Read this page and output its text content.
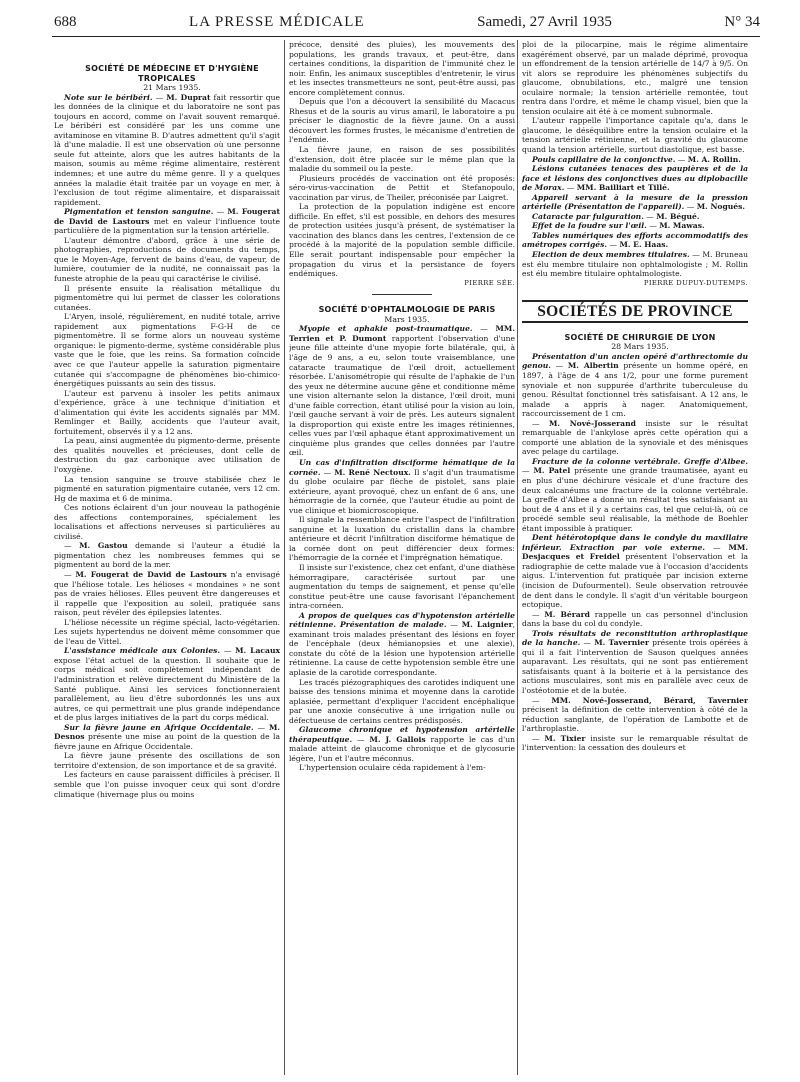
688	LA PRESSE MÉDICALE	Samedi, 27 Avril 1935	N° 34

SOCIÉTÉ DE MÉDECINE ET D'HYGIÈNE TROPICALES

21 Mars 1935.

Note sur le béribéri. — M. Duprat fait ressortir que les données de la clinique et du laboratoire ne sont pas toujours en accord, comme on l'avait souvent remarqué. Le béribéri est considéré par les uns comme une avitaminose en vitamine B. D'autres admettent qu'il s'agit là d'une maladie. Il est une observation où une personne seule fut atteinte, alors que les autres habitants de la maison, soumis au même régime alimentaire, restèrent indemnes; et une autre du même genre. Il y a quelques années la maladie était traitée par un voyage en mer, à l'exclusion de tout régime alimentaire, et disparaissait rapidement.

Pigmentation et tension sanguine. — M. Fougerat de David de Lastours met en valeur l'influence toute particulière de la pigmentation sur la tension artérielle.

L'auteur démontre d'abord, grâce à une série de photographies, reproductions de documents du temps, que le Moyen-Age, fervent de bains d'eau, de vapeur, de lumière, coutumier de la nudité, ne connaissait pas la funeste atrophie de la peau qui caractérise le civilisé.

Il présente ensuite la réalisation métallique du pigmentomètre qui lui permet de classer les colorations cutanées.

L'Aryen, insolé, régulièrement, en nudité totale, arrive rapidement aux pigmentations F-G-H de ce pigmentomètre. Il se forme alors un nouveau système organique: le pigmento-derme, système considérable plus vaste que le foie, que les reins. Sa formation coïncide avec ce que l'auteur appelle la saturation pigmentaire cutanée qui s'accompagne de phénomènes bio-chimico-énergétiques puissants au sein des tissus.

L'auteur est parvenu à insoler les petits animaux d'expérience, grâce à une technique d'initiation et d'alimentation qui évite les accidents signalés par MM. Remlinger et Bailly, accidents que l'auteur avait, fortuitement, observés il y a 12 ans.

La peau, ainsi augmentée du pigmento-derme, présente des qualités nouvelles et précieuses, dont celle de destruction du gaz carbonique avec utilisation de l'oxygène.

La tension sanguine se trouve stabilisée chez le pigmenté en saturation pigmentaire cutanée, vers 12 cm. Hg de maxima et 6 de minima.

Ces notions éclairent d'un jour nouveau la pathogénie des affections contemporaines, spécialement les localisations et affections nerveuses si particulières au civilisé.

— M. Gastou demande si l'auteur a étudié la pigmentation chez les nombreuses femmes qui se pigmentent au bord de la mer.

— M. Fougerat de David de Lastours n'a envisagé que l'héliose totale. Les hélioses « mondaines » ne sont pas de vraies hélioses. Elles peuvent être dangereuses et il rappelle que l'exposition au soleil, pratiquée sans raison, peut révéler des épilepsies latentes.

L'héliose nécessite un régime spécial, lacto-végétarien. Les sujets hypertendus ne doivent même consommer que de l'eau de Vittel.

L'assistance médicale aux Colonies. — M. Lacaux expose l'état actuel de la question. Il souhaite que le corps médical soit complètement indépendant de l'administration et relève directement du Ministère de la Santé publique. Ainsi les services fonctionneraient parallèlement, au lieu d'être subordonnés les uns aux autres, ce qui permettrait une plus grande indépendance et de plus larges initiatives de la part du corps médical.

Sur la fièvre jaune en Afrique Occidentale. — M. Desnos présente une mise au point de la question de la fièvre jaune en Afrique Occidentale.

La fièvre jaune présente des oscillations de son territoire d'extension, de son importance et de sa gravité.

Les facteurs en cause paraissent difficiles à préciser. Il semble que l'on puisse invoquer ceux qui sont d'ordre climatique (hivernage plus ou moins

précoce, densité des pluies), les mouvements des populations, les grands travaux, et peut-être, dans certaines conditions, la disparition de l'immunité chez le noir. Enfin, les animaux susceptibles d'entretenir, le virus et les insectes transmetteurs ne sont, peut-être aussi, pas encore complètement connus.

Depuis que l'on a découvert la sensibilité du Macacus Rhesus et de la souris au virus amaril, le laboratoire a pu préciser le diagnostic de la fièvre jaune. On a aussi découvert les formes frustes, le mécanisme d'entretien de l'endémie.

La fièvre jaune, en raison de ses possibilités d'extension, doit être placée sur le même plan que la maladie du sommeil ou la peste.

Plusieurs procédés de vaccination ont été proposés: séro-virus-vaccination de Pettit et Stefanopoulo, vaccination par virus, de Theiler, préconisée par Laigret.

La protection de la population indigène est encore difficile. En effet, s'il est possible, en dehors des mesures de protection usitées jusqu'à présent, de systématiser la vaccination des blancs dans les centres, l'extension de ce procédé à la majorité de la population semble difficile. Elle serait pourtant indispensable pour empêcher la propagation du virus et la persistance de foyers endémiques.

PIERRE SÉE.

SOCIÉTÉ D'OPHTALMOLOGIE DE PARIS

Mars 1935.

Myopie et aphakie post-traumatique. — MM. Terrien et P. Dumont rapportent l'observation d'une jeune fille atteinte d'une myopie forte bilatérale, qui, à l'âge de 9 ans, a eu, selon toute vraisemblance, une cataracte traumatique de l'œil droit, actuellement résorbée. L'anisométropie qui résulte de l'aphakie de l'un des yeux ne détermine aucune gêne et conditionne même une vision alternante selon la distance, l'œil droit, muni d'une faible correction, étant utilisé pour la vision au loin, l'œil gauche servant à voir de près. Les auteurs signalent la disproportion qui existe entre les images rétiniennes, celles vues par l'œil aphaque étant approximativement un cinquième plus grandes que celles données par l'autre œil.

Un cas d'infiltration disciforme hématique de la cornée. — M. René Nectoux. Il s'agit d'un traumatisme du globe oculaire par flèche de pistolet, sans plaie extérieure, ayant provoqué, chez un enfant de 6 ans, une hémorragie de la cornée, que l'auteur étudie au point de vue clinique et biomicroscopique.

Il signale la ressemblance entre l'aspect de l'infiltration sanguine et la luxation du cristallin dans la chambre antérieure et décrit l'infiltration disciforme hématique de la cornée dont on peut différencier deux formes: l'hémorragie de la cornée et l'imprégnation hématique.

Il insiste sur l'existence, chez cet enfant, d'une diathèse hémorragipare, caractérisée surtout par une augmentation du temps de saignement, et pense qu'elle constitue peut-être une cause favorisant l'épanchement intra-cornéen.

A propos de quelques cas d'hypotension artérielle rétinienne. Présentation de malade. — M. Laignier, examinant trois malades présentant des lésions en foyer de l'encéphale (deux hémianopsies et une alexie), constate du côté de la lésion une hypotension artérielle rétinienne. La cause de cette hypotension semble être une aplasie de la carotide correspondante.

Les tracés piézographiques des carotides indiquent une baisse des tensions minima et moyenne dans la carotide aplasiée, permettant d'expliquer l'accident encéphalique par une anoxie consécutive à une irrigation nulle ou défectueuse de certains centres prédisposés.

Glaucome chronique et hypotension artérielle thérapeutique. — M. J. Gallois rapporte le cas d'un malade atteint de glaucome chronique et de glycosurie légère, l'un et l'autre méconnus.

L'hypertension oculaire céda rapidement à l'em-

ploi de la pilocarpine, mais le régime alimentaire exagérément observé, par un malade déprimé, provoqua un effondrement de la tension artérielle de 14/7 à 9/5. On vit alors se reproduire les phénomènes subjectifs du glaucome, obnubilations, etc., malgré une tension oculaire normale; la tension artérielle remontée, tout rentra dans l'ordre, et même le champ visuel, bien que la tension oculaire ait été à ce moment subnormale.

L'auteur rappelle l'importance capitale qu'a, dans le glaucome, le déséquilibre entre la tension oculaire et la tension artérielle rétinienne, et la gravité du glaucome quand la tension artérielle, surtout diastolique, est basse.

Pouls capillaire de la conjonctive. — M. A. Rollin.

Lésions cutanées tenaces des paupières et de la face et lésions des conjonctives dues au diplobacille de Morax. — MM. Bailliart et Tillé.

Appareil servant à la mesure de la pression artérielle (Présentation de l'appareil). — M. Nogués.

Cataracte par fulguration. — M. Bégué.

Effet de la foudre sur l'œil. — M. Mawas.

Tables numériques des efforts accommodatifs des amétropes corrigés. — M. E. Haas.

Election de deux membres titulaires. — M. Bruneau est élu membre titulaire non ophtalmologiste ; M. Rollin est élu membre titulaire ophtalmologiste.

PIERRE DUPUY-DUTEMPS.

SOCIÉTÉS DE PROVINCE

SOCIÉTÉ DE CHIRURGIE DE LYON

28 Mars 1935.

Présentation d'un ancien opéré d'arthrectomie du genou. — M. Albertin présente un homme opéré, en 1897, à l'âge de 4 ans 1/2, pour une forme purement synoviale et non suppurée d'arthrite tuberculeuse du genou. Résultat fonctionnel très satisfaisant. A 12 ans, le malade a appris à nager. Anatomiquement, raccourcissement de 1 cm.

— M. Nové-Josserand insiste sur le résultat remarquable de l'ankylose après cette opération qui a comporté une ablation de la synoviale et des ménisques avec pelage du cartilage.

Fracture de la colonne vertébrale. Greffe d'Albee. — M. Patel présente une grande traumatisée, ayant eu en plus d'une déchirure vésicale et d'une fracture des deux calcanéums une fracture de la colonne vertébrale. La greffe d'Albee a donné un résultat très satisfaisant au bout de 4 ans et il y a certains cas, tel que celui-là, où ce procédé semble seul réalisable, la méthode de Boehler étant impossible à pratiquer.

Dent hétérotopique dans le condyle du maxillaire inférieur. Extraction par voie externe. — MM. Desjacques et Freidel présentent l'observation et la radiographie de cette malade vue à l'occasion d'accidents aigus. L'intervention fut pratiquée par incision externe (incision de Dufourmentel). Seule observation retrouvée de dent dans le condyle. Il s'agit d'un véritable bourgeon ectopique.

— M. Bérard rappelle un cas personnel d'inclusion dans la base du col du condyle.

Trois résultats de reconstitution arthroplastique de la hanche. — M. Tavernier présente trois opérées à qui il a fait l'intervention de Sauson quelques années auparavant. Les résultats, qui ne sont pas entièrement satisfaisants quant à la boiterie et à la persistance des actions musculaires, sont mis en parallèle avec ceux de l'ostéotomie et de la butée.

— MM. Nové-Josserand, Bérard, Tavernier précisent la définition de cette intervention à côté de la réduction sanglante, de l'opération de Lambotte et de l'arthroplastie.

— M. Tixier insiste sur le remarquable résultat de l'intervention: la cessation des douleurs et
